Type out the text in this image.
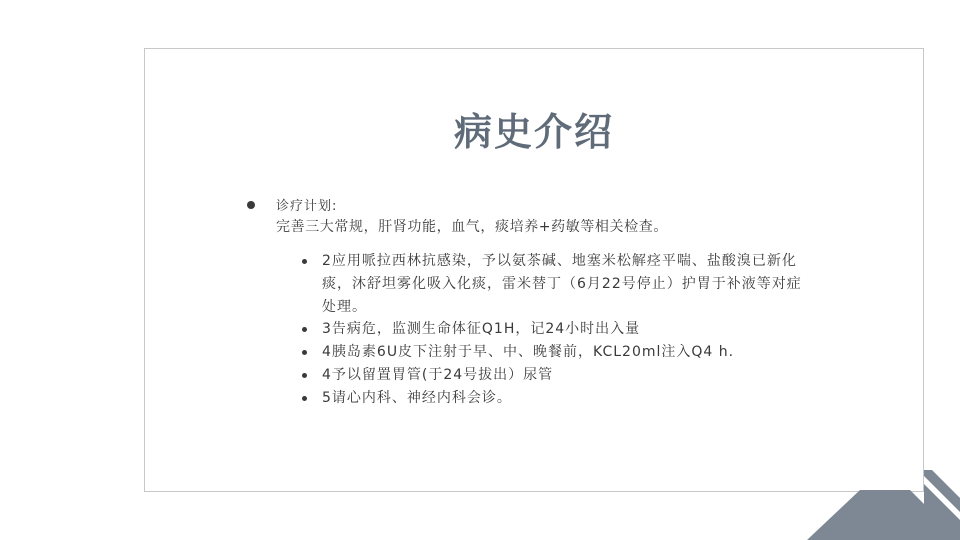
病史介绍
诊疗计划:
完善三大常规，肝肾功能，血气，痰培养+药敏等相关检查。
2应用哌拉西林抗感染，予以氨茶碱、地塞米松解痉平喘、盐酸溴已新化痰，沐舒坦雾化吸入化痰，雷米替丁（6月22号停止）护胃于补液等对症处理。
3告病危，监测生命体征Q1H，记24小时出入量
4胰岛素6U皮下注射于早、中、晚餐前，KCL20ml注入Q4 h.
4予以留置胃管(于24号拔出）尿管
5请心内科、神经内科会诊。
